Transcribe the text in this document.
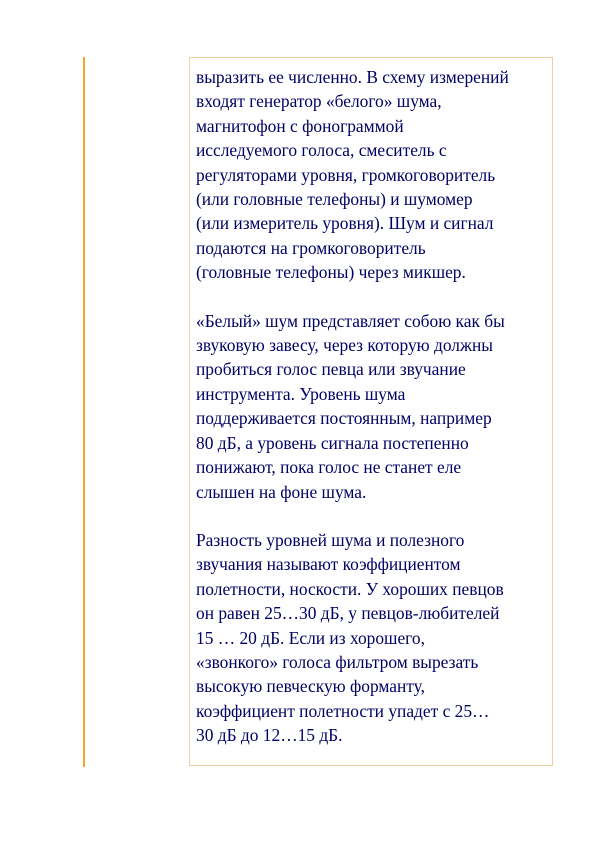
выразить ее численно. В схему измерений
входят генератор «белого» шума,
магнитофон с фонограммой
исследуемого голоса, смеситель с
регуляторами уровня, громкоговоритель
(или головные телефоны) и шумомер
(или измеритель уровня). Шум и сигнал
подаются на громкоговоритель
(головные телефоны) через микшер.

«Белый» шум представляет собою как бы
звуковую завесу, через которую должны
пробиться голос певца или звучание
инструмента. Уровень шума
поддерживается постоянным, например
80 дБ, а уровень сигнала постепенно
понижают, пока голос не станет еле
слышен на фоне шума.

Разность уровней шума и полезного
звучания называют коэффициентом
полетности, носкости. У хороших певцов
он равен 25…30 дБ, у певцов-любителей
15 … 20 дБ. Если из хорошего,
«звонкого» голоса фильтром вырезать
высокую певческую форманту,
коэффициент полетности упадет с 25…
30 дБ до 12…15 дБ.
